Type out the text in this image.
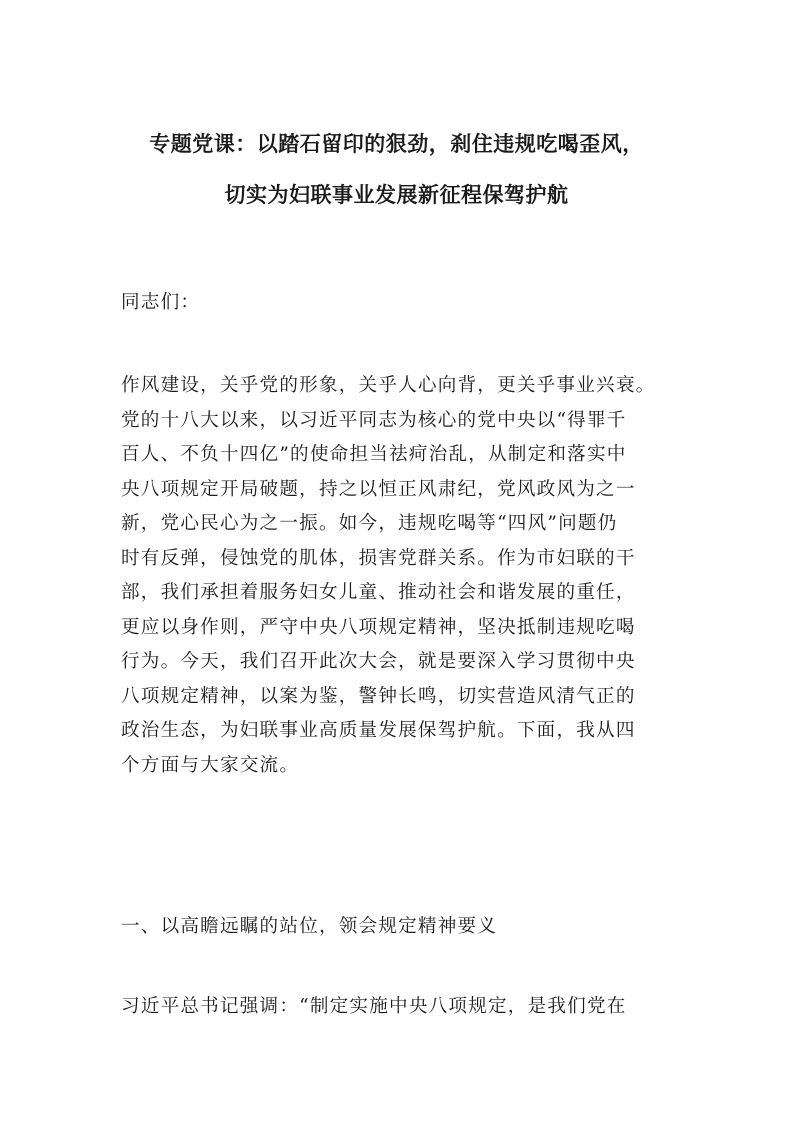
专题党课：以踏石留印的狠劲，刹住违规吃喝歪风，
切实为妇联事业发展新征程保驾护航
同志们：
作风建设，关乎党的形象，关乎人心向背，更关乎事业兴衰。
党的十八大以来，以习近平同志为核心的党中央以“得罪千
百人、不负十四亿”的使命担当祛疴治乱，从制定和落实中
央八项规定开局破题，持之以恒正风肃纪，党风政风为之一
新，党心民心为之一振。如今，违规吃喝等“四风”问题仍
时有反弹，侵蚀党的肌体，损害党群关系。作为市妇联的干
部，我们承担着服务妇女儿童、推动社会和谐发展的重任，
更应以身作则，严守中央八项规定精神，坚决抵制违规吃喝
行为。今天，我们召开此次大会，就是要深入学习贯彻中央
八项规定精神，以案为鉴，警钟长鸣，切实营造风清气正的
政治生态，为妇联事业高质量发展保驾护航。下面，我从四
个方面与大家交流。
一、以高瞻远瞩的站位，领会规定精神要义
习近平总书记强调：“制定实施中央八项规定，是我们党在
